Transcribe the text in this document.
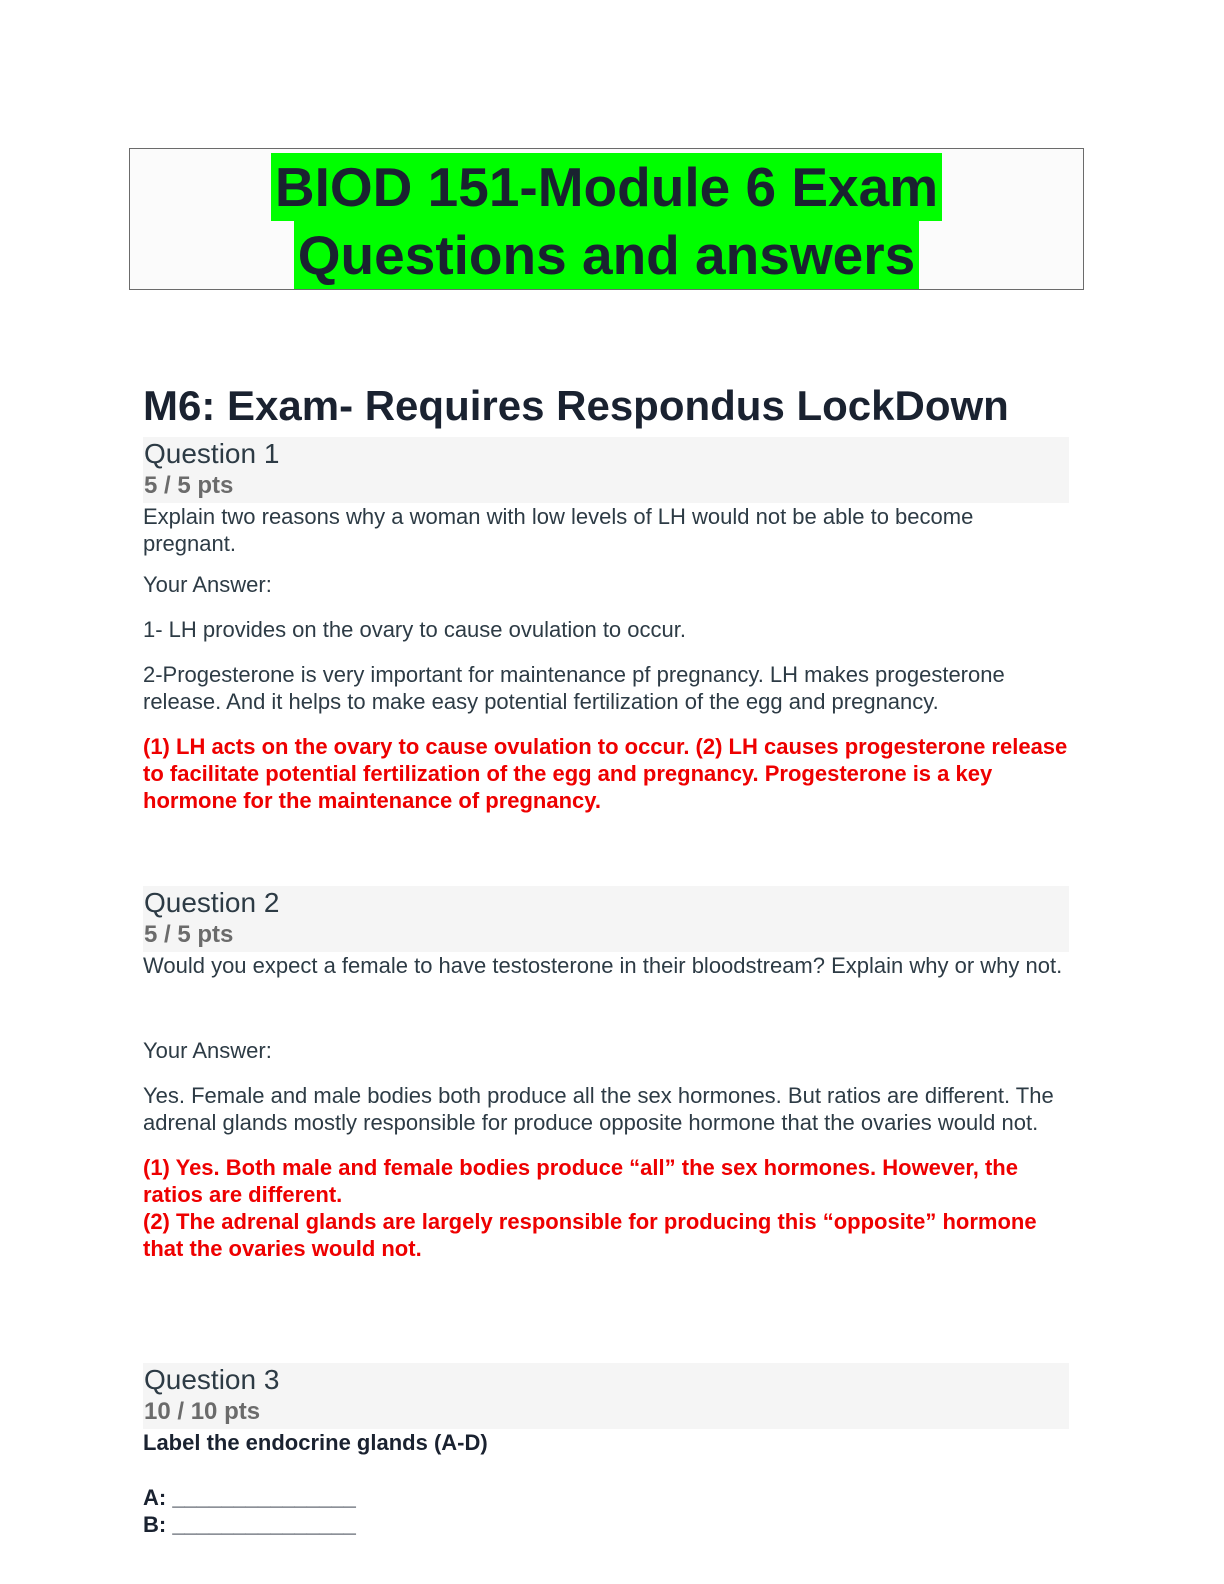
BIOD 151-Module 6 Exam
Questions and answers
M6: Exam- Requires Respondus LockDown
Question 1
5 / 5 pts

Explain two reasons why a woman with low levels of LH would not be able to become pregnant.

Your Answer:

1- LH provides on the ovary to cause ovulation to occur.

2-Progesterone is very important for maintenance pf pregnancy. LH makes progesterone release. And it helps to make easy potential fertilization of the egg and pregnancy.

(1) LH acts on the ovary to cause ovulation to occur. (2) LH causes progesterone release to facilitate potential fertilization of the egg and pregnancy. Progesterone is a key hormone for the maintenance of pregnancy.

Question 2
5 / 5 pts

Would you expect a female to have testosterone in their bloodstream? Explain why or why not.

Your Answer:

Yes. Female and male bodies both produce all the sex hormones. But ratios are different. The adrenal glands mostly responsible for produce opposite hormone that the ovaries would not.

(1) Yes. Both male and female bodies produce “all” the sex hormones. However, the ratios are different.

(2) The adrenal glands are largely responsible for producing this “opposite” hormone that the ovaries would not.

Question 3
10 / 10 pts

Label the endocrine glands (A-D)

A: _______________

B: _______________
